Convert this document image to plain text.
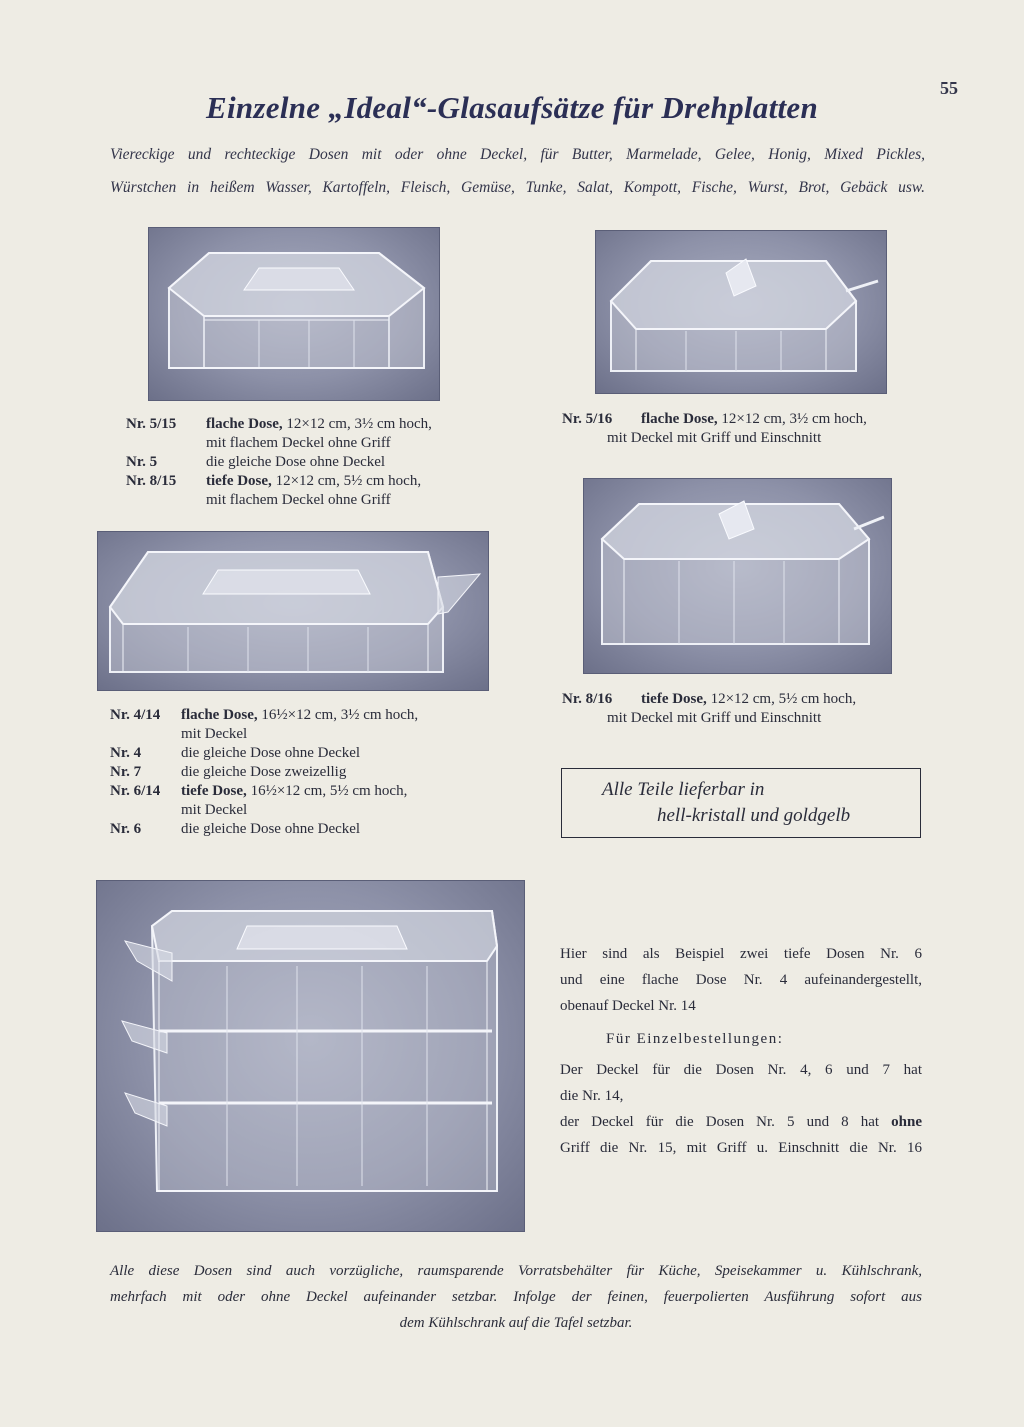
55
Einzelne „Ideal“-Glasaufsätze für Drehplatten
Viereckige und rechteckige Dosen mit oder ohne Deckel, für Butter, Marmelade, Gelee, Honig, Mixed Pickles,
Würstchen in heißem Wasser, Kartoffeln, Fleisch, Gemüse, Tunke, Salat, Kompott, Fische, Wurst, Brot, Gebäck usw.
Nr. 5/15	flache Dose, 12×12 cm, 3½ cm hoch,
mit flachem Deckel ohne Griff
Nr. 5	die gleiche Dose ohne Deckel
Nr. 8/15	tiefe Dose, 12×12 cm, 5½ cm hoch,
mit flachem Deckel ohne Griff
Nr. 5/16	flache Dose, 12×12 cm, 3½ cm hoch,
mit Deckel mit Griff und Einschnitt
Nr. 4/14	flache Dose, 16½×12 cm, 3½ cm hoch,
mit Deckel
Nr. 4	die gleiche Dose ohne Deckel
Nr. 7	die gleiche Dose zweizellig
Nr. 6/14	tiefe Dose, 16½×12 cm, 5½ cm hoch,
mit Deckel
Nr. 6	die gleiche Dose ohne Deckel
Nr. 8/16	tiefe Dose, 12×12 cm, 5½ cm hoch,
mit Deckel mit Griff und Einschnitt
Alle Teile lieferbar in
hell-kristall und goldgelb
Hier sind als Beispiel zwei tiefe Dosen Nr. 6
und eine flache Dose Nr. 4 aufeinandergestellt,
obenauf Deckel Nr. 14
Für Einzelbestellungen:
Der Deckel für die Dosen Nr. 4, 6 und 7 hat
die Nr. 14,
der Deckel für die Dosen Nr. 5 und 8 hat ohne
Griff die Nr. 15, mit Griff u. Einschnitt die Nr. 16
Alle diese Dosen sind auch vorzügliche, raumsparende Vorratsbehälter für Küche, Speisekammer u. Kühlschrank,
mehrfach mit oder ohne Deckel aufeinander setzbar. Infolge der feinen, feuerpolierten Ausführung sofort aus
dem Kühlschrank auf die Tafel setzbar.
